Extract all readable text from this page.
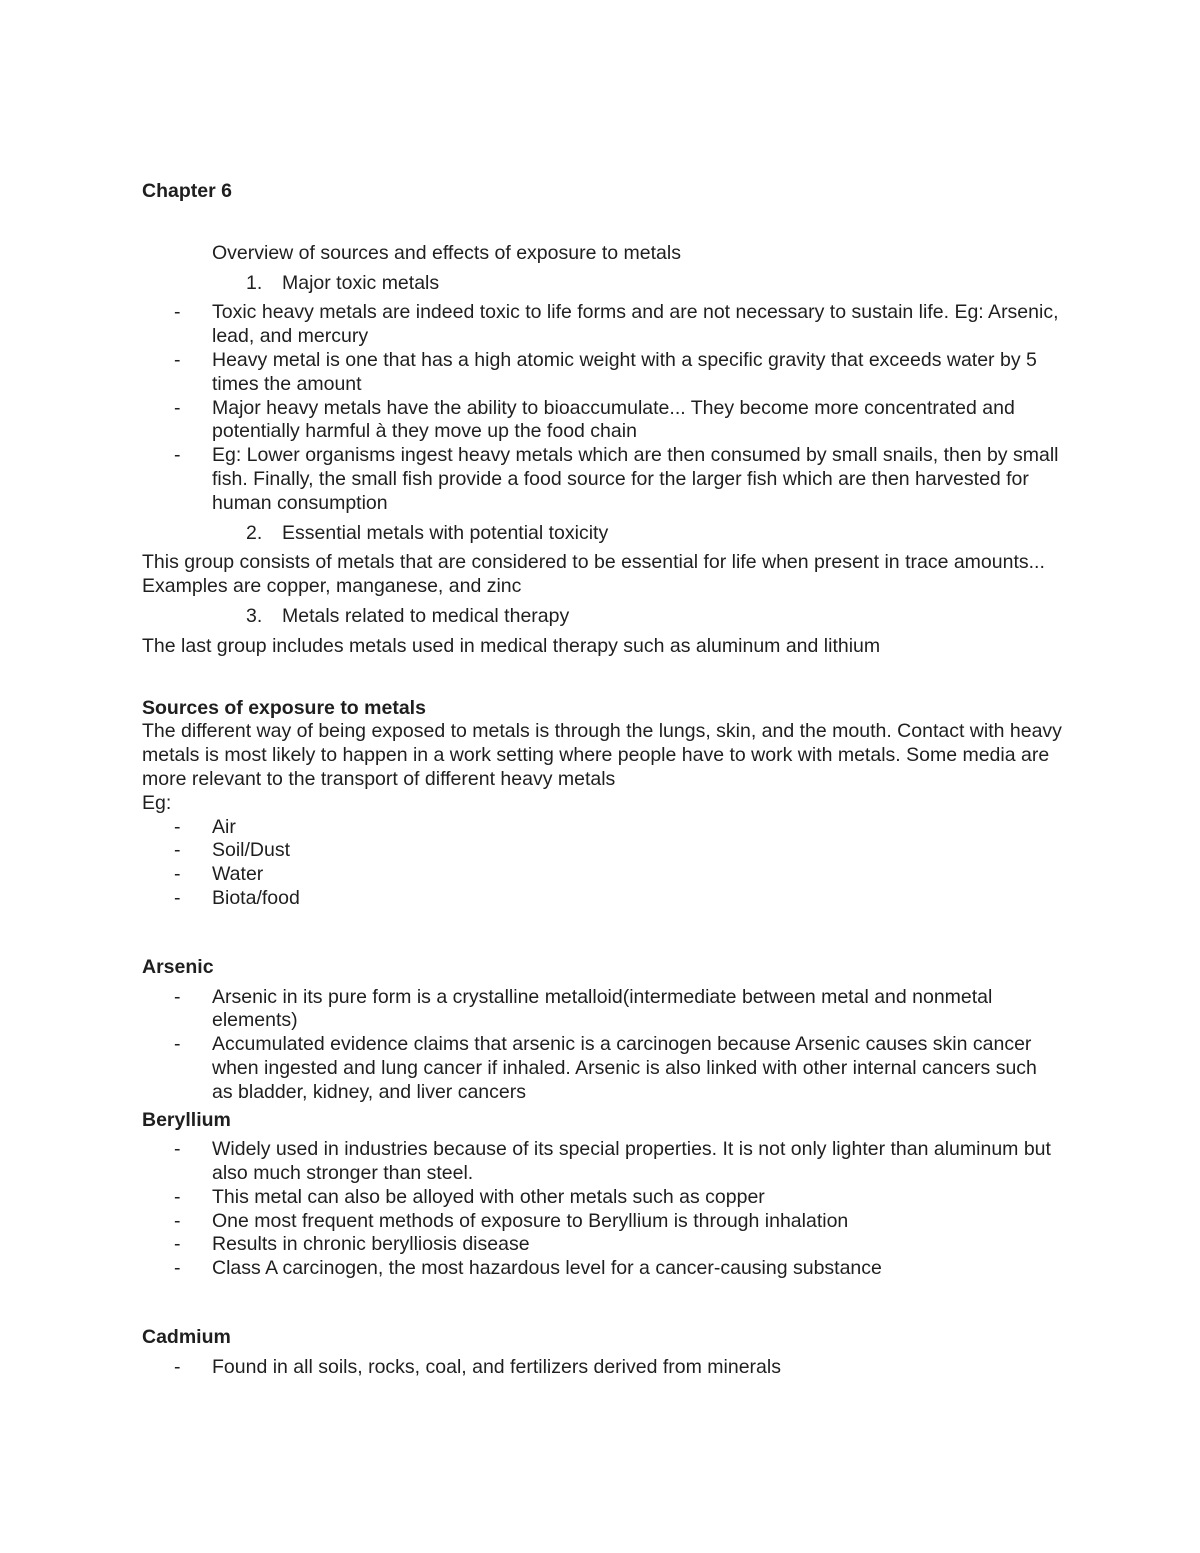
Chapter 6

Overview of sources and effects of exposure to metals

1.	Major toxic metals
-	Toxic heavy metals are indeed toxic to life forms and are not necessary to sustain life. Eg: Arsenic, lead, and mercury
-	Heavy metal is one that has a high atomic weight with a specific gravity that exceeds water by 5 times the amount
-	Major heavy metals have the ability to bioaccumulate... They become more concentrated and potentially harmful à they move up the food chain
-	Eg: Lower organisms ingest heavy metals which are then consumed by small snails, then by small fish. Finally, the small fish provide a food source for the larger fish which are then harvested for human consumption
2.	Essential metals with potential toxicity

This group consists of metals that are considered to be essential for life when present in trace amounts... Examples are copper, manganese, and zinc

3.	Metals related to medical therapy

The last group includes metals used in medical therapy such as aluminum and lithium

Sources of exposure to metals

The different way of being exposed to metals is through the lungs, skin, and the mouth. Contact with heavy metals is most likely to happen in a work setting where people have to work with metals. Some media are more relevant to the transport of different heavy metals

Eg:

-	Air
-	Soil/Dust
-	Water
-	Biota/food
Arsenic
-	Arsenic in its pure form is a crystalline metalloid(intermediate between metal and nonmetal elements)
-	Accumulated evidence claims that arsenic is a carcinogen because Arsenic causes skin cancer when ingested and lung cancer if inhaled. Arsenic is also linked with other internal cancers such as bladder, kidney, and liver cancers
Beryllium
-	Widely used in industries because of its special properties. It is not only lighter than aluminum but also much stronger than steel.
-	This metal can also be alloyed with other metals such as copper
-	One most frequent methods of exposure to Beryllium is through inhalation
-	Results in chronic berylliosis disease
-	Class A carcinogen, the most hazardous level for a cancer-causing substance
Cadmium
-	Found in all soils, rocks, coal, and fertilizers derived from minerals
